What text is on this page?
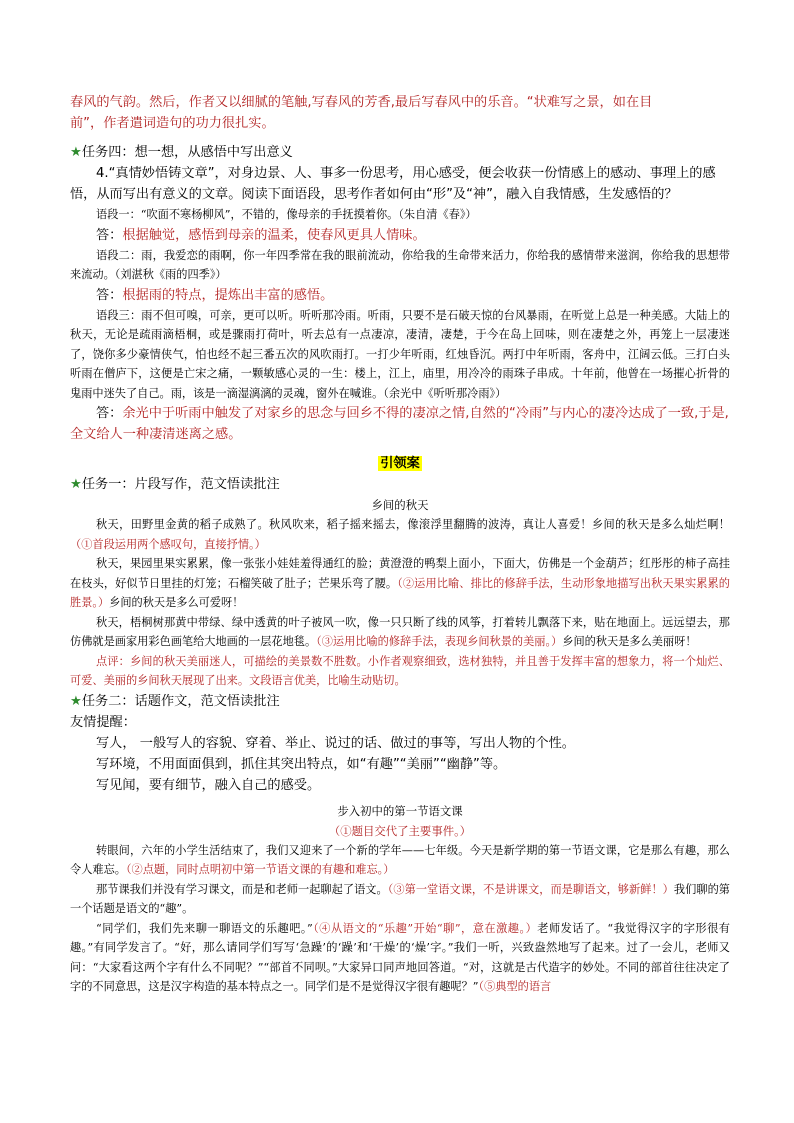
春风的气韵。然后，作者又以细腻的笔触,写春风的芳香,最后写春风中的乐音。“状难写之景，如在目
前”，作者遣词造句的功力很扎实。

★任务四：想一想，从感悟中写出意义

4.“真情妙悟铸文章”，对身边景、人、事多一份思考，用心感受，便会收获一份情感上的感动、事理上的感悟，从而写出有意义的文章。阅读下面语段，思考作者如何由“形”及“神”，融入自我情感，生发感悟的？

语段一：“吹面不寒杨柳风”，不错的，像母亲的手抚摸着你。（朱自清《春》）

答：根据触觉，感悟到母亲的温柔，使春风更具人情味。

语段二：雨，我爱恋的雨啊，你一年四季常在我的眼前流动，你给我的生命带来活力，你给我的感情带来滋润，你给我的思想带来流动。（刘湛秋《雨的四季》）

答：根据雨的特点，提炼出丰富的感悟。

语段三：雨不但可嗅，可亲，更可以听。听听那冷雨。听雨，只要不是石破天惊的台风暴雨，在听觉上总是一种美感。大陆上的秋天，无论是疏雨滴梧桐，或是骤雨打荷叶，听去总有一点凄凉，凄清，凄楚，于今在岛上回味，则在凄楚之外，再笼上一层凄迷了，饶你多少豪情侠气，怕也经不起三番五次的风吹雨打。一打少年听雨，红烛昏沉。两打中年听雨，客舟中，江阔云低。三打白头听雨在僧庐下，这便是亡宋之痛，一颗敏感心灵的一生：楼上，江上，庙里，用冷冷的雨珠子串成。十年前，他曾在一场摧心折骨的鬼雨中迷失了自己。雨，该是一滴湿漓漓的灵魂，窗外在喊谁。（余光中《听听那冷雨》）

答：余光中于听雨中触发了对家乡的思念与回乡不得的凄凉之情,自然的“冷雨”与内心的凄冷达成了一致,于是,全文给人一种凄清迷离之感。

引领案

★任务一：片段写作，范文悟读批注

乡间的秋天

秋天，田野里金黄的稻子成熟了。秋风吹来，稻子摇来摇去，像滚浮里翻腾的波涛，真让人喜爱！乡间的秋天是多么灿烂啊！（①首段运用两个感叹句，直接抒情。）

秋天，果园里果实累累，像一张张小娃娃羞得通红的脸；黄澄澄的鸭梨上面小，下面大，仿佛是一个金葫芦；红彤彤的柿子高挂在枝头，好似节日里挂的灯笼；石榴笑破了肚子；芒果乐弯了腰。（②运用比喻、排比的修辞手法，生动形象地描写出秋天果实累累的胜景。）乡间的秋天是多么可爱呀！

秋天，梧桐树那黄中带绿、绿中透黄的叶子被风一吹，像一只只断了线的风筝，打着转儿飘落下来，贴在地面上。远远望去，那仿佛就是画家用彩色画笔给大地画的一层花地毯。（③运用比喻的修辞手法，表现乡间秋景的美丽。）乡间的秋天是多么美丽呀！

点评：乡间的秋天美丽迷人，可描绘的美景数不胜数。小作者观察细致，选材独特，并且善于发挥丰富的想象力，将一个灿烂、可爱、美丽的乡间秋天展现了出来。文段语言优美，比喻生动贴切。

★任务二：话题作文，范文悟读批注

友情提醒：

写人， 一般写人的容貌、穿着、举止、说过的话、做过的事等，写出人物的个性。

写环境，不用面面俱到，抓住其突出特点，如“有趣”“美丽”“幽静”等。

写见闻，要有细节，融入自己的感受。

步入初中的第一节语文课

（①题目交代了主要事件。）

转眼间，六年的小学生活结束了，我们又迎来了一个新的学年——七年级。今天是新学期的第一节语文课，它是那么有趣，那么令人难忘。（②点题，同时点明初中第一节语文课的有趣和难忘。）

那节课我们并没有学习课文，而是和老师一起聊起了语文。（③第一堂语文课，不是讲课文，而是聊语文，够新鲜！）我们聊的第一个话题是语文的“趣”。

“同学们，我们先来聊一聊语文的乐趣吧。”（④从语文的“乐趣”开始“聊”，意在激趣。）老师发话了。“我觉得汉字的字形很有趣。”有同学发言了。“好，那么请同学们写写‘急躁’的‘躁’和‘干燥’的‘燥’字。”我们一听，兴致盎然地写了起来。过了一会儿，老师又问：“大家看这两个字有什么不同呢？”“部首不同呗。”大家异口同声地回答道。“对，这就是古代造字的妙处。不同的部首往往决定了字的不同意思，这是汉字构造的基本特点之一。同学们是不是觉得汉字很有趣呢？”（⑤典型的语言
